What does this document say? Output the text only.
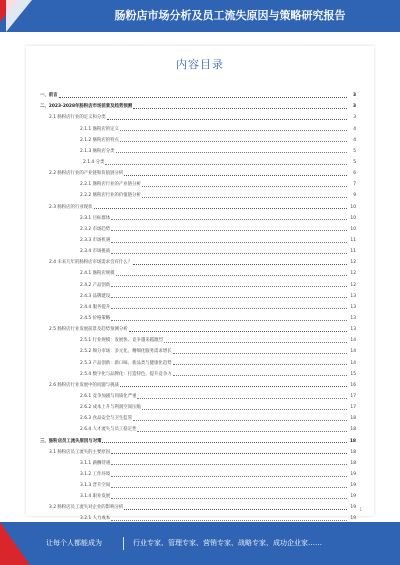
肠粉店市场分析及员工流失原因与策略研究报告
内容目录
一、前言	3
二、2023-2028年肠粉店市场前景及趋势预测	3
2.1 肠粉店行业的定义和分类	3
2.1.1 肠粉店的定义	4
2.1.2 肠粉店的特点	4
2.1.3 肠粉店分类	5
2.1.4 分类	5
2.2 肠粉店行业的产业链和价值链分析	6
2.2.1 肠粉店行业的产业链分析	7
2.2.2 肠粉店行业的价值链分析	9
2.3 肠粉店的行业现状	10
2.3.1 目标群体	10
2.3.2 市场趋势	10
2.3.3 市场机遇	11
2.3.4 市场挑战	11
2.4 未来几年的肠粉店市场需求会有什么？	12
2.4.1 肠粉店规模	12
2.4.2 产品创新	12
2.4.3 品牌建设	13
2.4.4 服务提升	13
2.4.5 价格策略	13
2.5 肠粉店行业发展前景及趋势预测分析	13
2.5.1 行业规模：发展快、竞争越来越激烈	14
2.5.2 细分市场：多元化、精细化服务需求增长	14
2.5.3 产品创新：新口味、新品类与健康化趋势	14
2.5.4 数字化与品牌化：打造特色、提升竞争力	15
2.6 肠粉店行业发展中的问题与挑战	16
2.6.1 竞争加剧与同质化严重	17
2.6.2 成本上升与利润空间压缩	17
2.6.3 食品安全与卫生监管	18
2.6.4 人才流失与员工稳定性	18
三、肠粉店员工流失原因与对策	18
3.1 肠粉店员工流失的主要原因	18
3.1.1 薪酬待遇	18
3.1.2 工作环境	19
3.1.3 晋升空间	19
3.1.4 职业发展	19
3.2 肠粉店员工流失对企业的影响分析	19
3.2.1 人力成本	19
1
让每个人都能成为	行业专家、管理专家、营销专家、战略专家、成功企业家……
